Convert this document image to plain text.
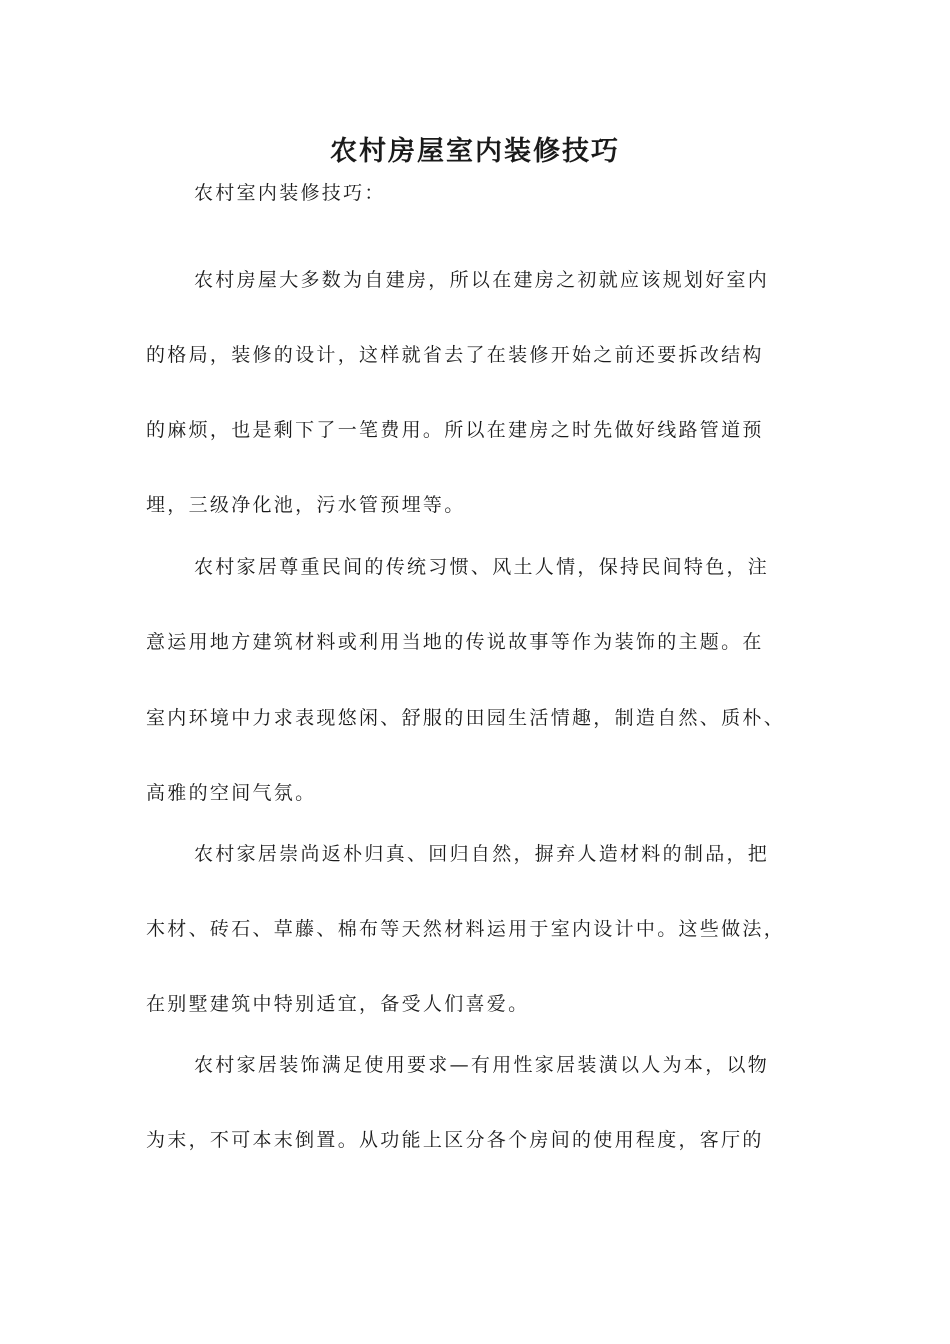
农村房屋室内装修技巧
农村室内装修技巧：
农村房屋大多数为自建房，所以在建房之初就应该规划好室内
的格局，装修的设计，这样就省去了在装修开始之前还要拆改结构
的麻烦，也是剩下了一笔费用。所以在建房之时先做好线路管道预
埋，三级净化池，污水管预埋等。
农村家居尊重民间的传统习惯、风土人情，保持民间特色，注
意运用地方建筑材料或利用当地的传说故事等作为装饰的主题。在
室内环境中力求表现悠闲、舒服的田园生活情趣，制造自然、质朴、
高雅的空间气氛。
农村家居崇尚返朴归真、回归自然，摒弃人造材料的制品，把
木材、砖石、草藤、棉布等天然材料运用于室内设计中。这些做法，
在别墅建筑中特别适宜，备受人们喜爱。
农村家居装饰满足使用要求—有用性家居装潢以人为本，以物
为末，不可本末倒置。从功能上区分各个房间的使用程度，客厅的
